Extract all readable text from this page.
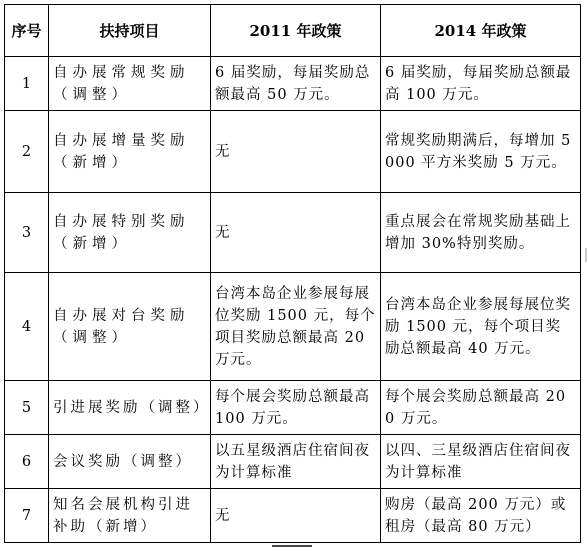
序号	扶持项目	2011 年政策	2014 年政策
1	自办展常规奖励（调整）	6 届奖励，每届奖励总额最高 50 万元。	6 届奖励，每届奖励总额最高 100 万元。
2	自办展增量奖励（新增）	无	常规奖励期满后，每增加 5000 平方米奖励 5 万元。
3	自办展特别奖励（新增）	无	重点展会在常规奖励基础上增加 30%特别奖励。
4	自办展对台奖励（调整）	台湾本岛企业参展每展位奖励 1500 元，每个项目奖励总额最高 20 万元。	台湾本岛企业参展每展位奖励 1500 元，每个项目奖励总额最高 40 万元。
5	引进展奖励（调整）	每个展会奖励总额最高 100 万元。	每个展会奖励总额最高 200 万元。
6	会议奖励（调整）	以五星级酒店住宿间夜为计算标准	以四、三星级酒店住宿间夜为计算标准
7	知名会展机构引进补助（新增）	无	购房（最高 200 万元）或租房（最高 80 万元）
